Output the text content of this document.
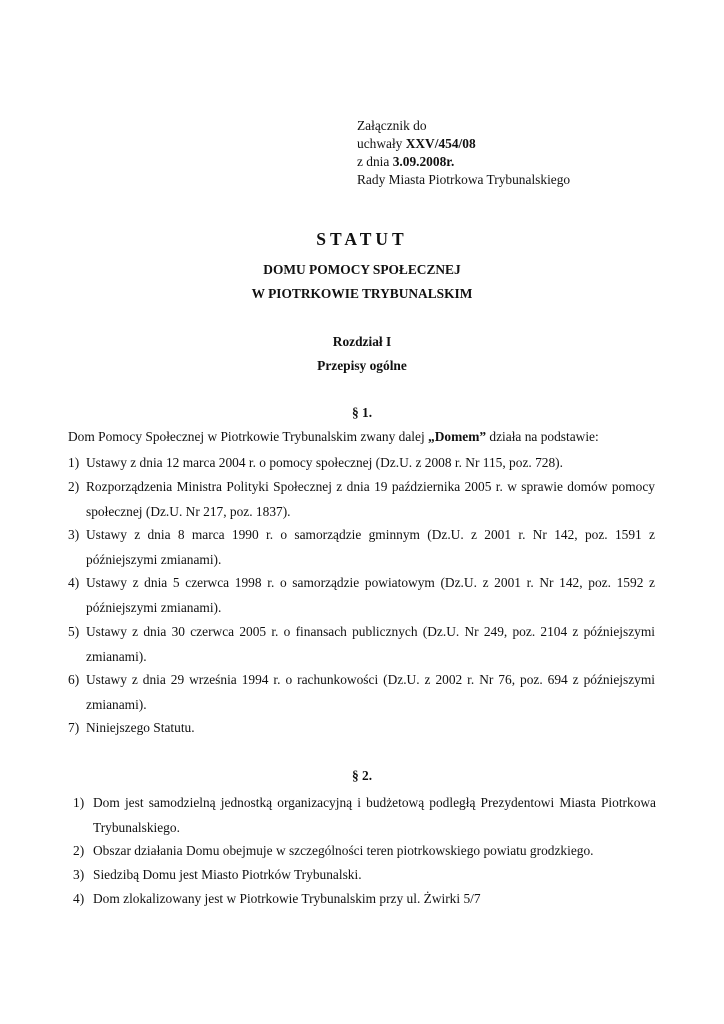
Załącznik do
uchwały XXV/454/08
z dnia 3.09.2008r.
Rady Miasta Piotrkowa Trybunalskiego
STATUT
DOMU POMOCY SPOŁECZNEJ
W PIOTRKOWIE TRYBUNALSKIM
Rozdział I
Przepisy ogólne
§ 1.
Dom Pomocy Społecznej w Piotrkowie Trybunalskim zwany dalej „Domem” działa na podstawie:
1) Ustawy z dnia 12 marca 2004 r. o pomocy społecznej (Dz.U. z 2008 r. Nr 115, poz. 728).
2) Rozporządzenia Ministra Polityki Społecznej z dnia 19 października 2005 r. w sprawie domów pomocy społecznej (Dz.U. Nr 217, poz. 1837).
3) Ustawy z dnia 8 marca 1990 r. o samorządzie gminnym (Dz.U. z 2001 r. Nr 142, poz. 1591 z późniejszymi zmianami).
4) Ustawy z dnia 5 czerwca 1998 r. o samorządzie powiatowym (Dz.U. z 2001 r. Nr 142, poz. 1592 z późniejszymi zmianami).
5) Ustawy z dnia 30 czerwca 2005 r. o finansach publicznych (Dz.U. Nr 249, poz. 2104 z późniejszymi zmianami).
6) Ustawy z dnia 29 września 1994 r. o rachunkowości (Dz.U. z 2002 r. Nr 76, poz. 694 z późniejszymi zmianami).
7) Niniejszego Statutu.
§ 2.
1) Dom jest samodzielną jednostką organizacyjną i budżetową podległą Prezydentowi Miasta Piotrkowa Trybunalskiego.
2) Obszar działania Domu obejmuje w szczególności teren piotrkowskiego powiatu grodzkiego.
3) Siedzibą Domu jest Miasto Piotrków Trybunalski.
4) Dom zlokalizowany jest w Piotrkowie Trybunalskim przy ul. Żwirki 5/7
